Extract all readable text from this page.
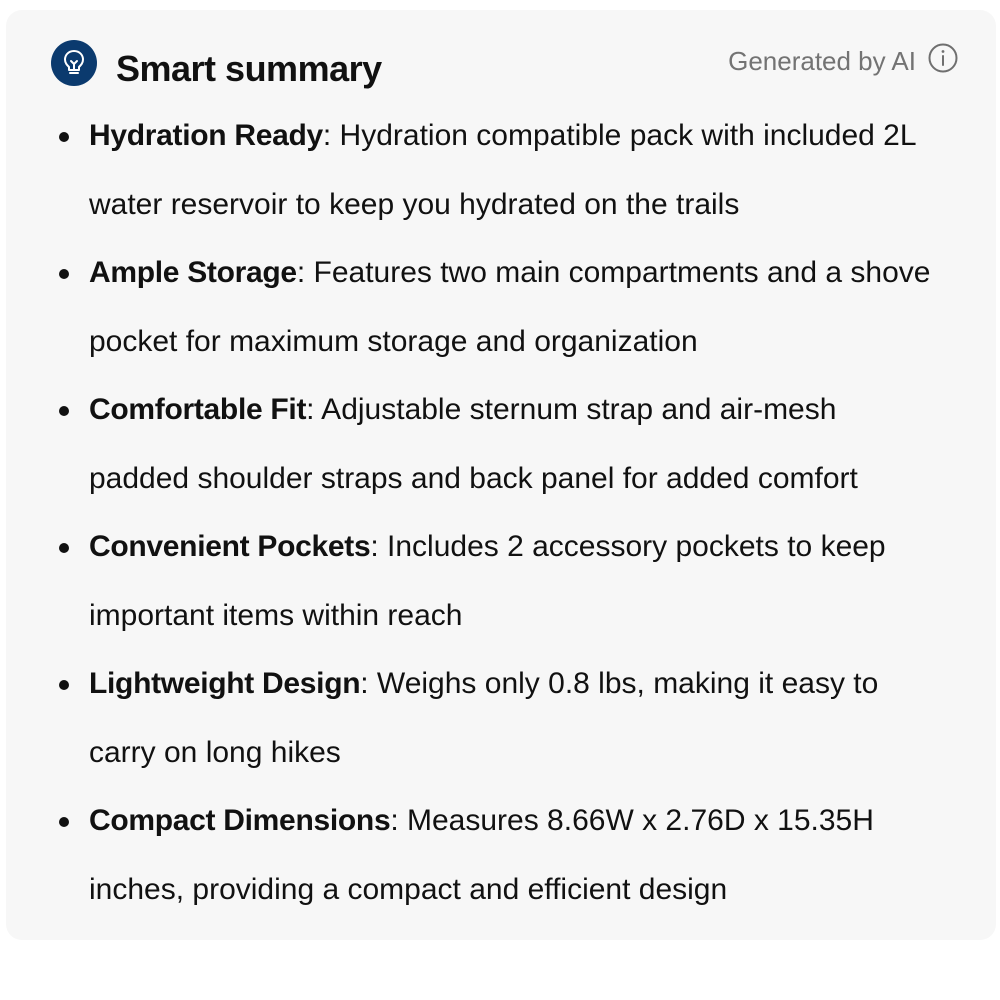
Smart summary	Generated by AI
Hydration Ready: Hydration compatible pack with included 2L water reservoir to keep you hydrated on the trails
Ample Storage: Features two main compartments and a shove pocket for maximum storage and organization
Comfortable Fit: Adjustable sternum strap and air-mesh padded shoulder straps and back panel for added comfort
Convenient Pockets: Includes 2 accessory pockets to keep important items within reach
Lightweight Design: Weighs only 0.8 lbs, making it easy to carry on long hikes
Compact Dimensions: Measures 8.66W x 2.76D x 15.35H inches, providing a compact and efficient design
